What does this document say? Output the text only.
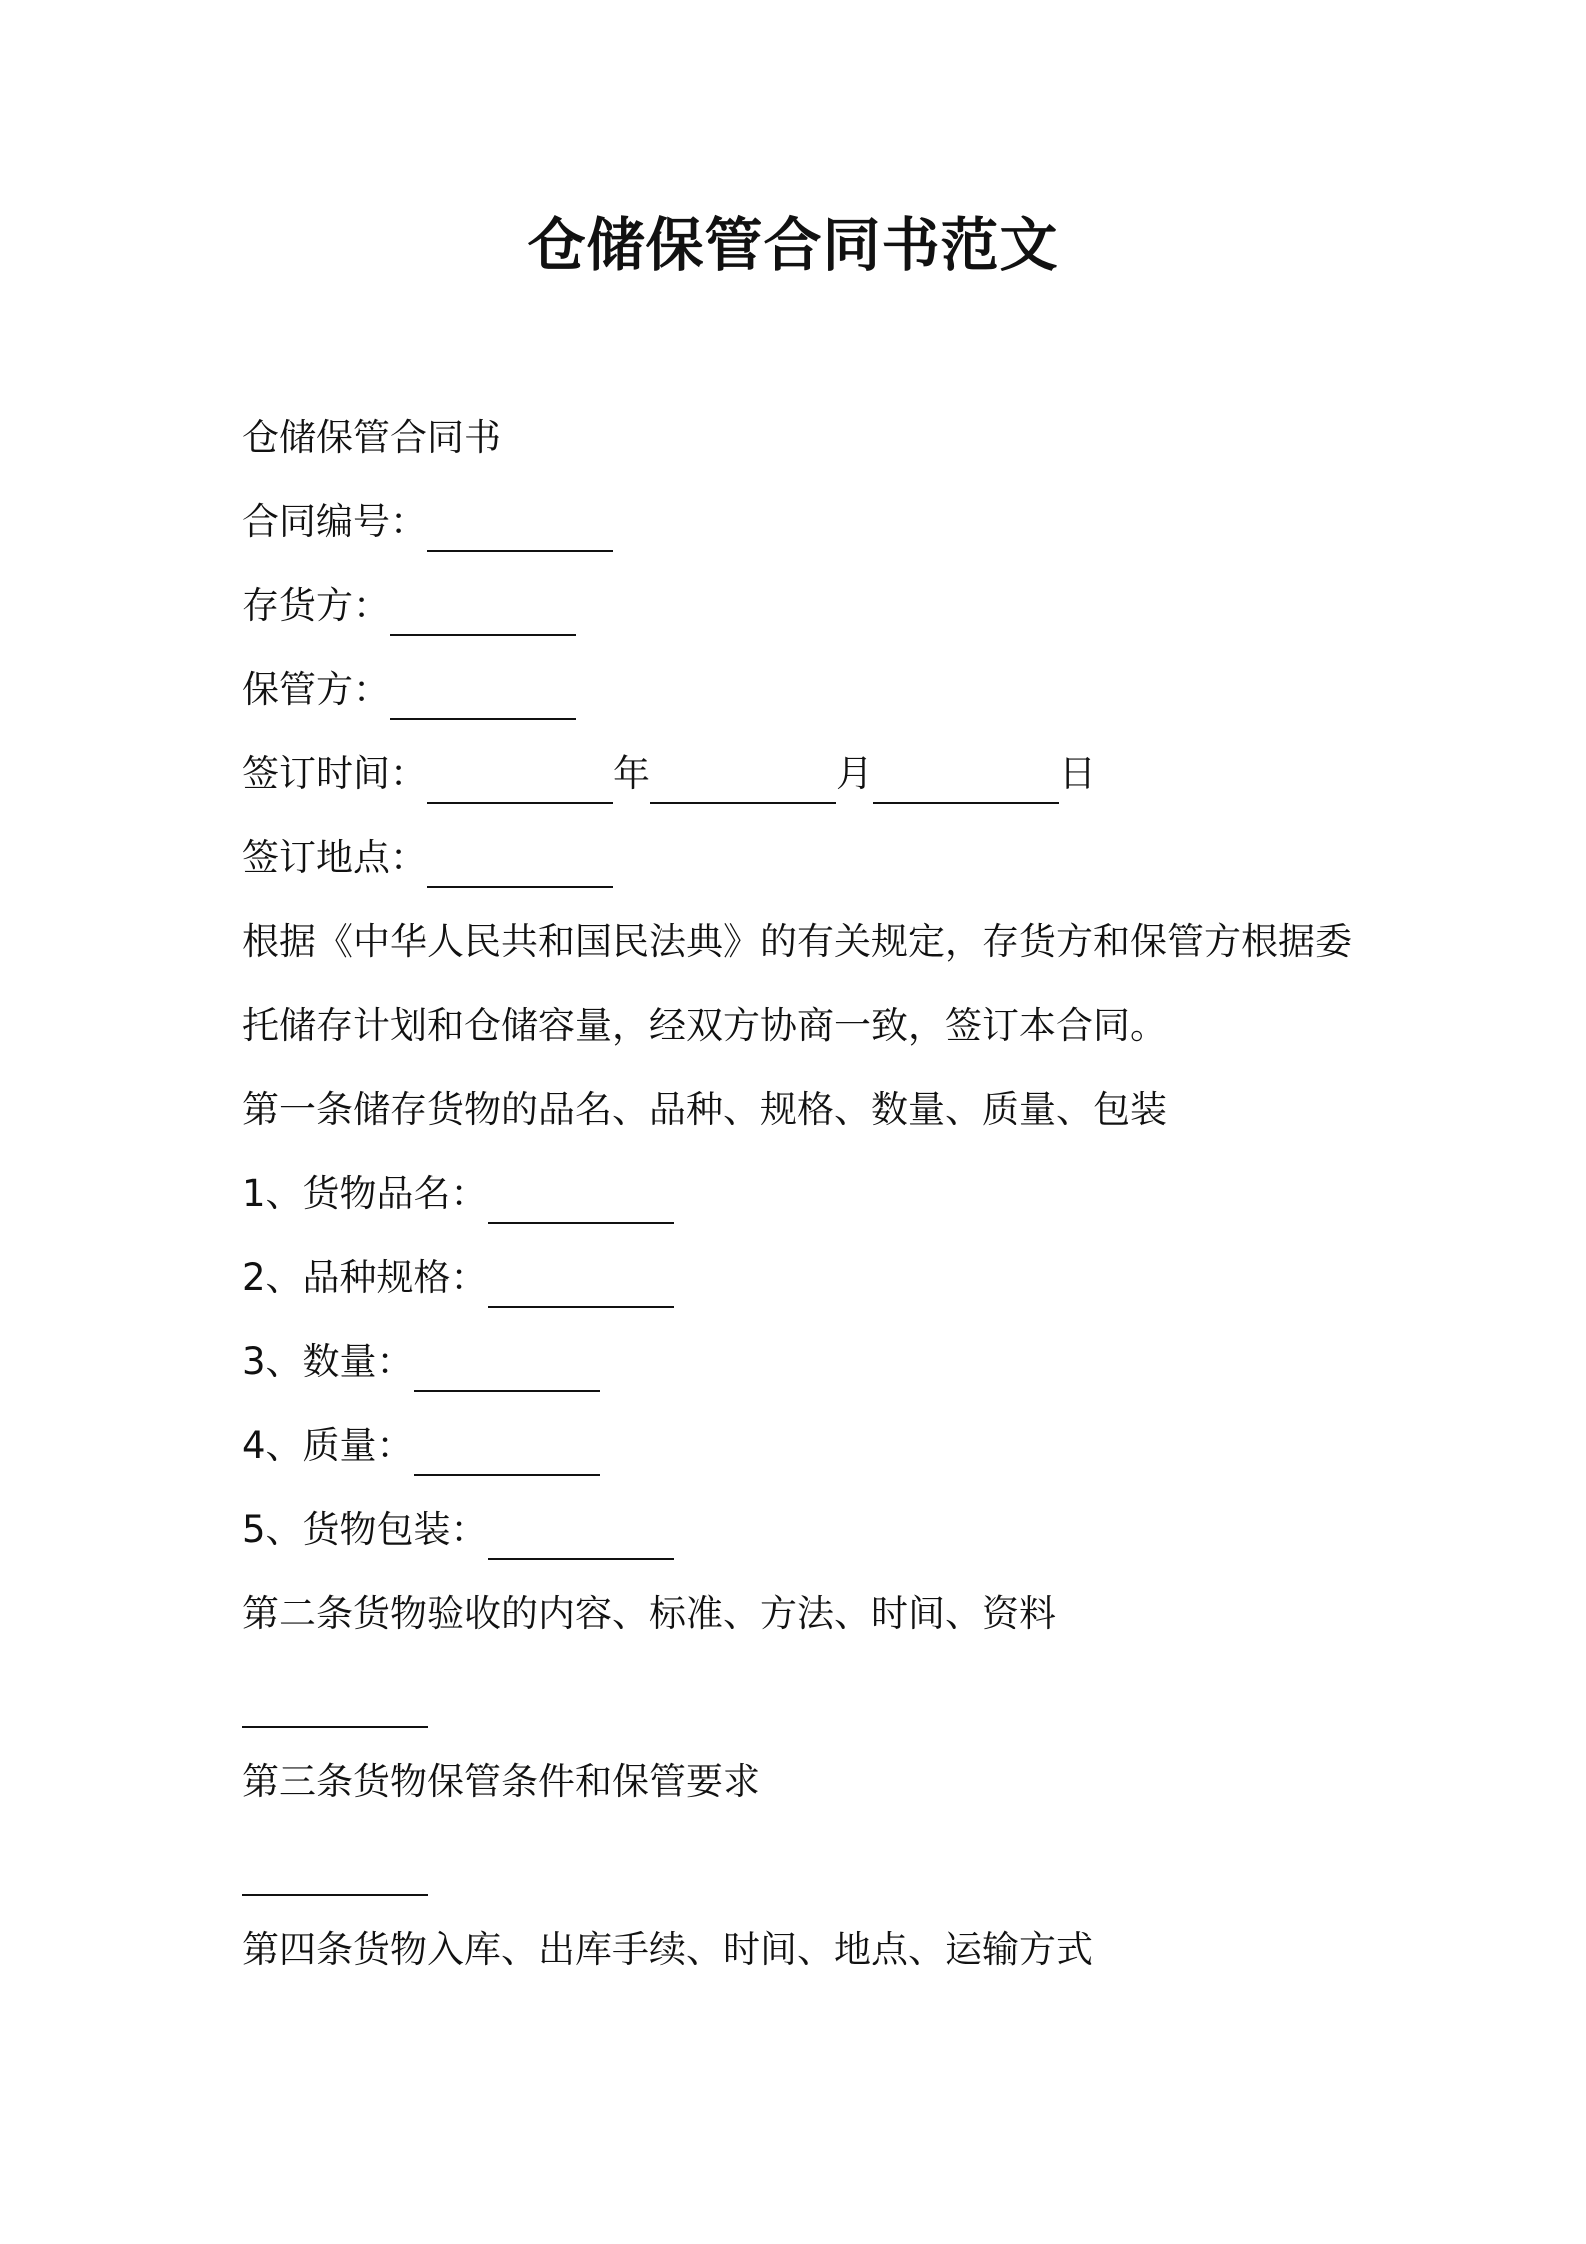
仓储保管合同书范文
仓储保管合同书
合同编号：
存货方：
保管方：
签订时间：	年	月	日
签订地点：
根据《中华人民共和国民法典》的有关规定，存货方和保管方根据委
托储存计划和仓储容量，经双方协商一致，签订本合同。
第一条储存货物的品名、品种、规格、数量、质量、包装
1、货物品名：
2、品种规格：
3、数量：
4、质量：
5、货物包装：
第二条货物验收的内容、标准、方法、时间、资料
第三条货物保管条件和保管要求
第四条货物入库、出库手续、时间、地点、运输方式
